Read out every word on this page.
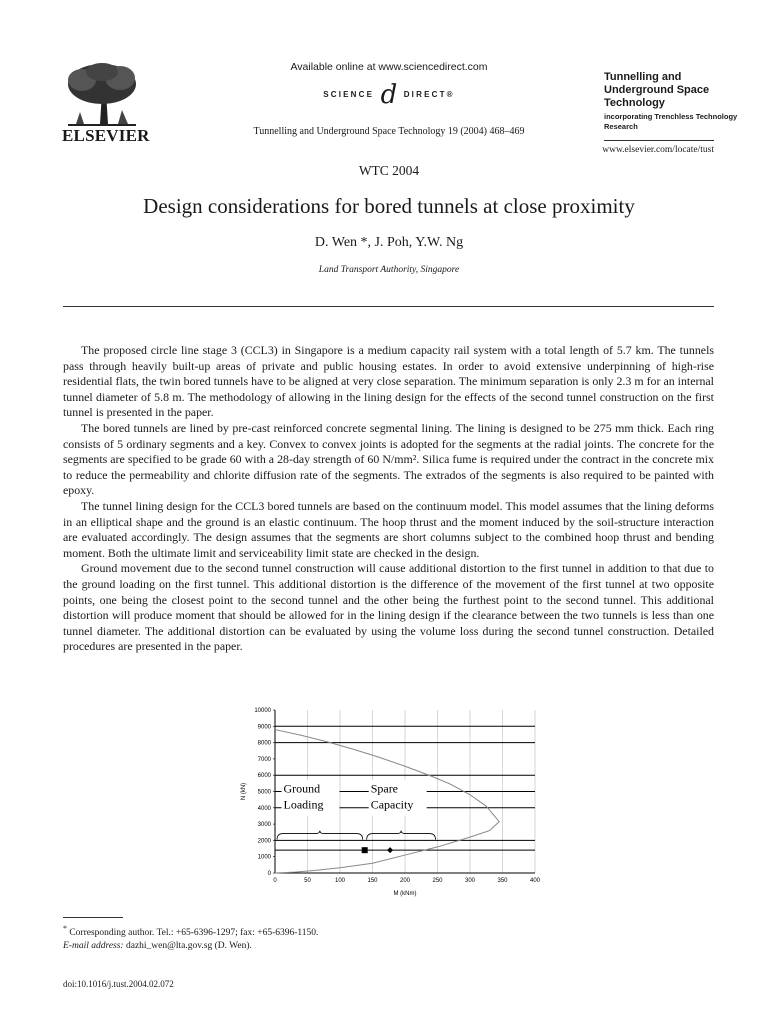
ELSEVIER
Available online at www.sciencedirect.com
SCIENCE d DIRECT®
Tunnelling and Underground Space Technology 19 (2004) 468–469
Tunnelling and Underground Space Technology
incorporating Trenchless Technology Research
www.elsevier.com/locate/tust
WTC 2004
Design considerations for bored tunnels at close proximity
D. Wen *, J. Poh, Y.W. Ng
Land Transport Authority, Singapore

The proposed circle line stage 3 (CCL3) in Singapore is a medium capacity rail system with a total length of 5.7 km. The tunnels pass through heavily built-up areas of private and public housing estates. In order to avoid extensive underpinning of high-rise residential flats, the twin bored tunnels have to be aligned at very close separation. The minimum separation is only 2.3 m for an internal tunnel diameter of 5.8 m. The methodology of allowing in the lining design for the effects of the second tunnel construction on the first tunnel is presented in the paper.

The bored tunnels are lined by pre-cast reinforced concrete segmental lining. The lining is designed to be 275 mm thick. Each ring consists of 5 ordinary segments and a key. Convex to convex joints is adopted for the segments at the radial joints. The concrete for the segments are specified to be grade 60 with a 28-day strength of 60 N/mm². Silica fume is required under the contract in the concrete mix to reduce the permeability and chlorite diffusion rate of the segments. The extrados of the segments is also required to be painted with epoxy.

The tunnel lining design for the CCL3 bored tunnels are based on the continuum model. This model assumes that the lining deforms in an elliptical shape and the ground is an elastic continuum. The hoop thrust and the moment induced by the soil-structure interaction are evaluated accordingly. The design assumes that the segments are short columns subject to the combined hoop thrust and bending moment. Both the ultimate limit and serviceability limit state are checked in the design.

Ground movement due to the second tunnel construction will cause additional distortion to the first tunnel in addition to that due to the ground loading on the first tunnel. This additional distortion is the difference of the movement of the first tunnel at two opposite points, one being the closest point to the second tunnel and the other being the furthest point to the second tunnel. This additional distortion will produce moment that should be allowed for in the lining design if the clearance between the two tunnels is less than one tunnel diameter. The additional distortion can be evaluated by using the volume loss during the second tunnel construction. Detailed procedures are presented in the paper.

0
1000
2000
3000
4000
5000
6000
7000
8000
9000
10000
0	50	100	150	200	250	300	350	400
M (kNm)
N (kN)	Ground
Loading
Spare
Capacity
* Corresponding author. Tel.: +65-6396-1297; fax: +65-6396-1150.
E-mail address: dazhi_wen@lta.gov.sg (D. Wen).
doi:10.1016/j.tust.2004.02.072
